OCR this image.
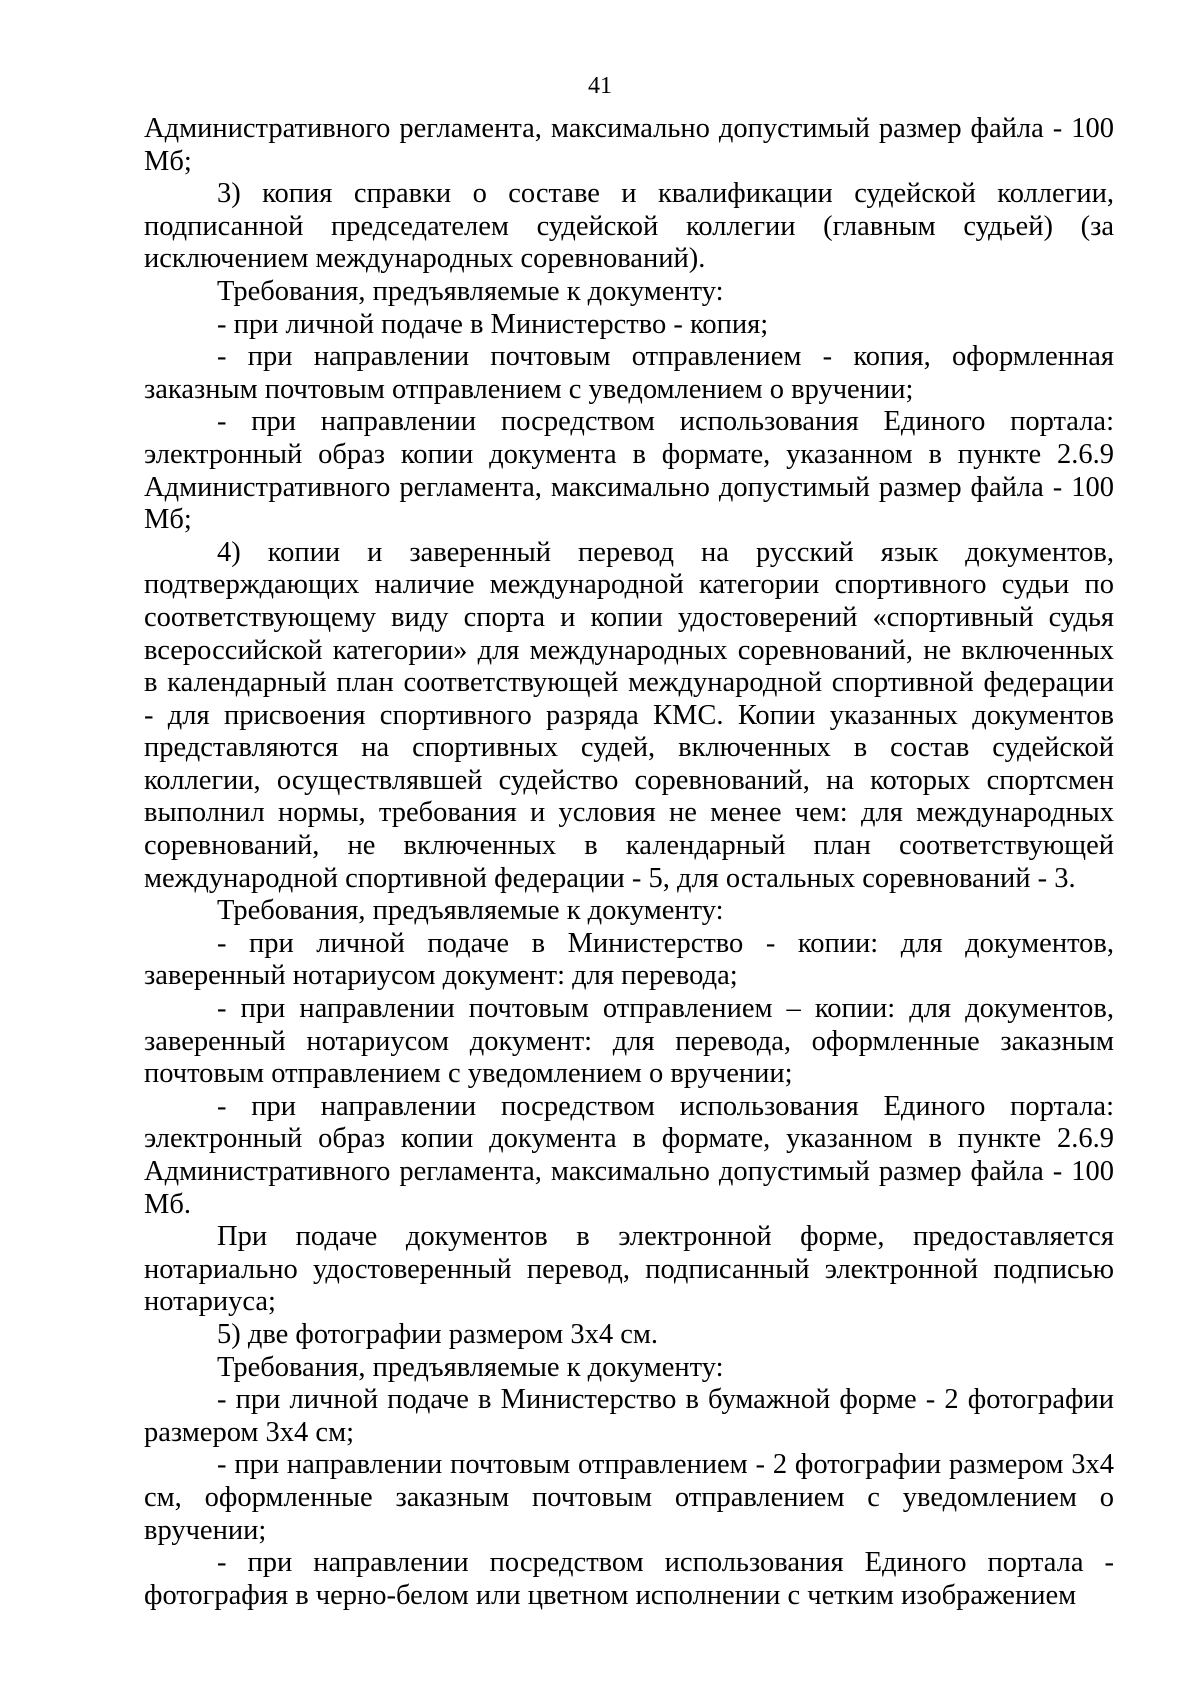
41

Административного регламента, максимально допустимый размер файла - 100 Мб;

3) копия справки о составе и квалификации судейской коллегии, подписанной председателем судейской коллегии (главным судьей) (за исключением международных соревнований).

Требования, предъявляемые к документу:

- при личной подаче в Министерство - копия;

- при направлении почтовым отправлением - копия, оформленная заказным почтовым отправлением с уведомлением о вручении;

- при направлении посредством использования Единого портала: электронный образ копии документа в формате, указанном в пункте 2.6.9 Административного регламента, максимально допустимый размер файла - 100 Мб;

4) копии и заверенный перевод на русский язык документов, подтверждающих наличие международной категории спортивного судьи по соответствующему виду спорта и копии удостоверений «спортивный судья всероссийской категории» для международных соревнований, не включенных в календарный план соответствующей международной спортивной федерации - для присвоения спортивного разряда КМС. Копии указанных документов представляются на спортивных судей, включенных в состав судейской коллегии, осуществлявшей судейство соревнований, на которых спортсмен выполнил нормы, требования и условия не менее чем: для международных соревнований, не включенных в календарный план соответствующей международной спортивной федерации - 5, для остальных соревнований - 3.

Требования, предъявляемые к документу:

- при личной подаче в Министерство - копии: для документов, заверенный нотариусом документ: для перевода;

- при направлении почтовым отправлением – копии: для документов, заверенный нотариусом документ: для перевода, оформленные заказным почтовым отправлением с уведомлением о вручении;

- при направлении посредством использования Единого портала: электронный образ копии документа в формате, указанном в пункте 2.6.9 Административного регламента, максимально допустимый размер файла - 100 Мб.

При подаче документов в электронной форме, предоставляется нотариально удостоверенный перевод, подписанный электронной подписью нотариуса;

5) две фотографии размером 3х4 см.

Требования, предъявляемые к документу:

- при личной подаче в Министерство в бумажной форме - 2 фотографии размером 3х4 см;

- при направлении почтовым отправлением - 2 фотографии размером 3х4 см, оформленные заказным почтовым отправлением с уведомлением о вручении;

- при направлении посредством использования Единого портала - фотография в черно-белом или цветном исполнении с четким изображением
